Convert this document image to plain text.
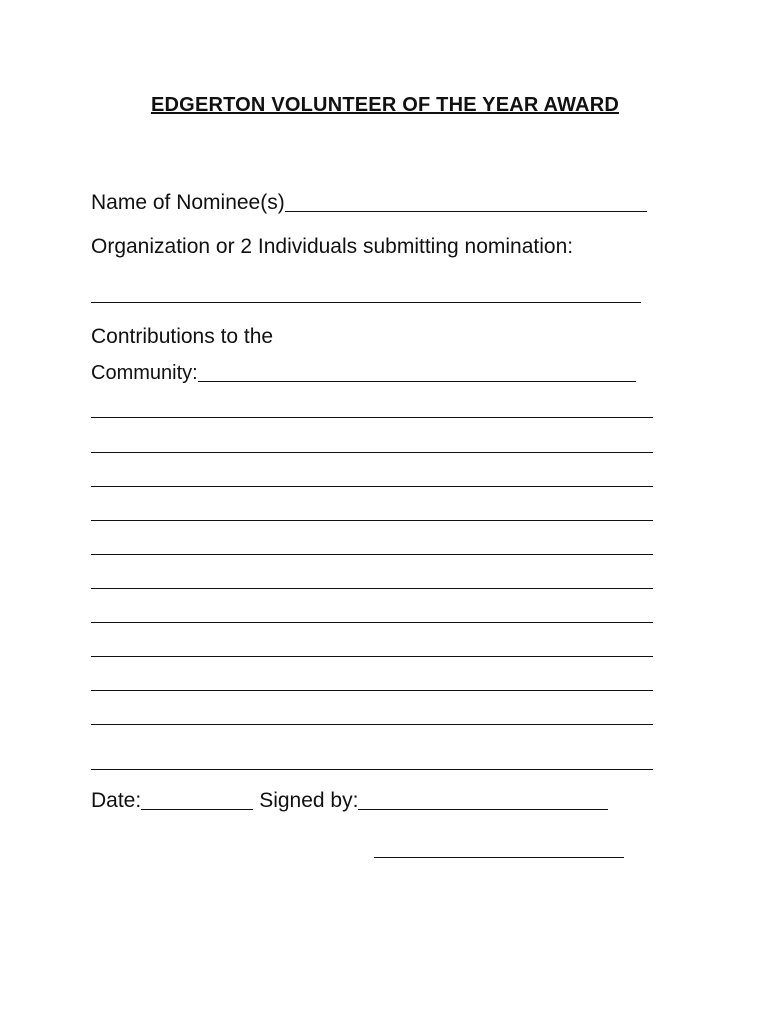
EDGERTON VOLUNTEER OF THE YEAR AWARD
Name of Nominee(s)
Organization or 2 Individuals submitting nomination:
Contributions to the
Community:
Date:	Signed by:
